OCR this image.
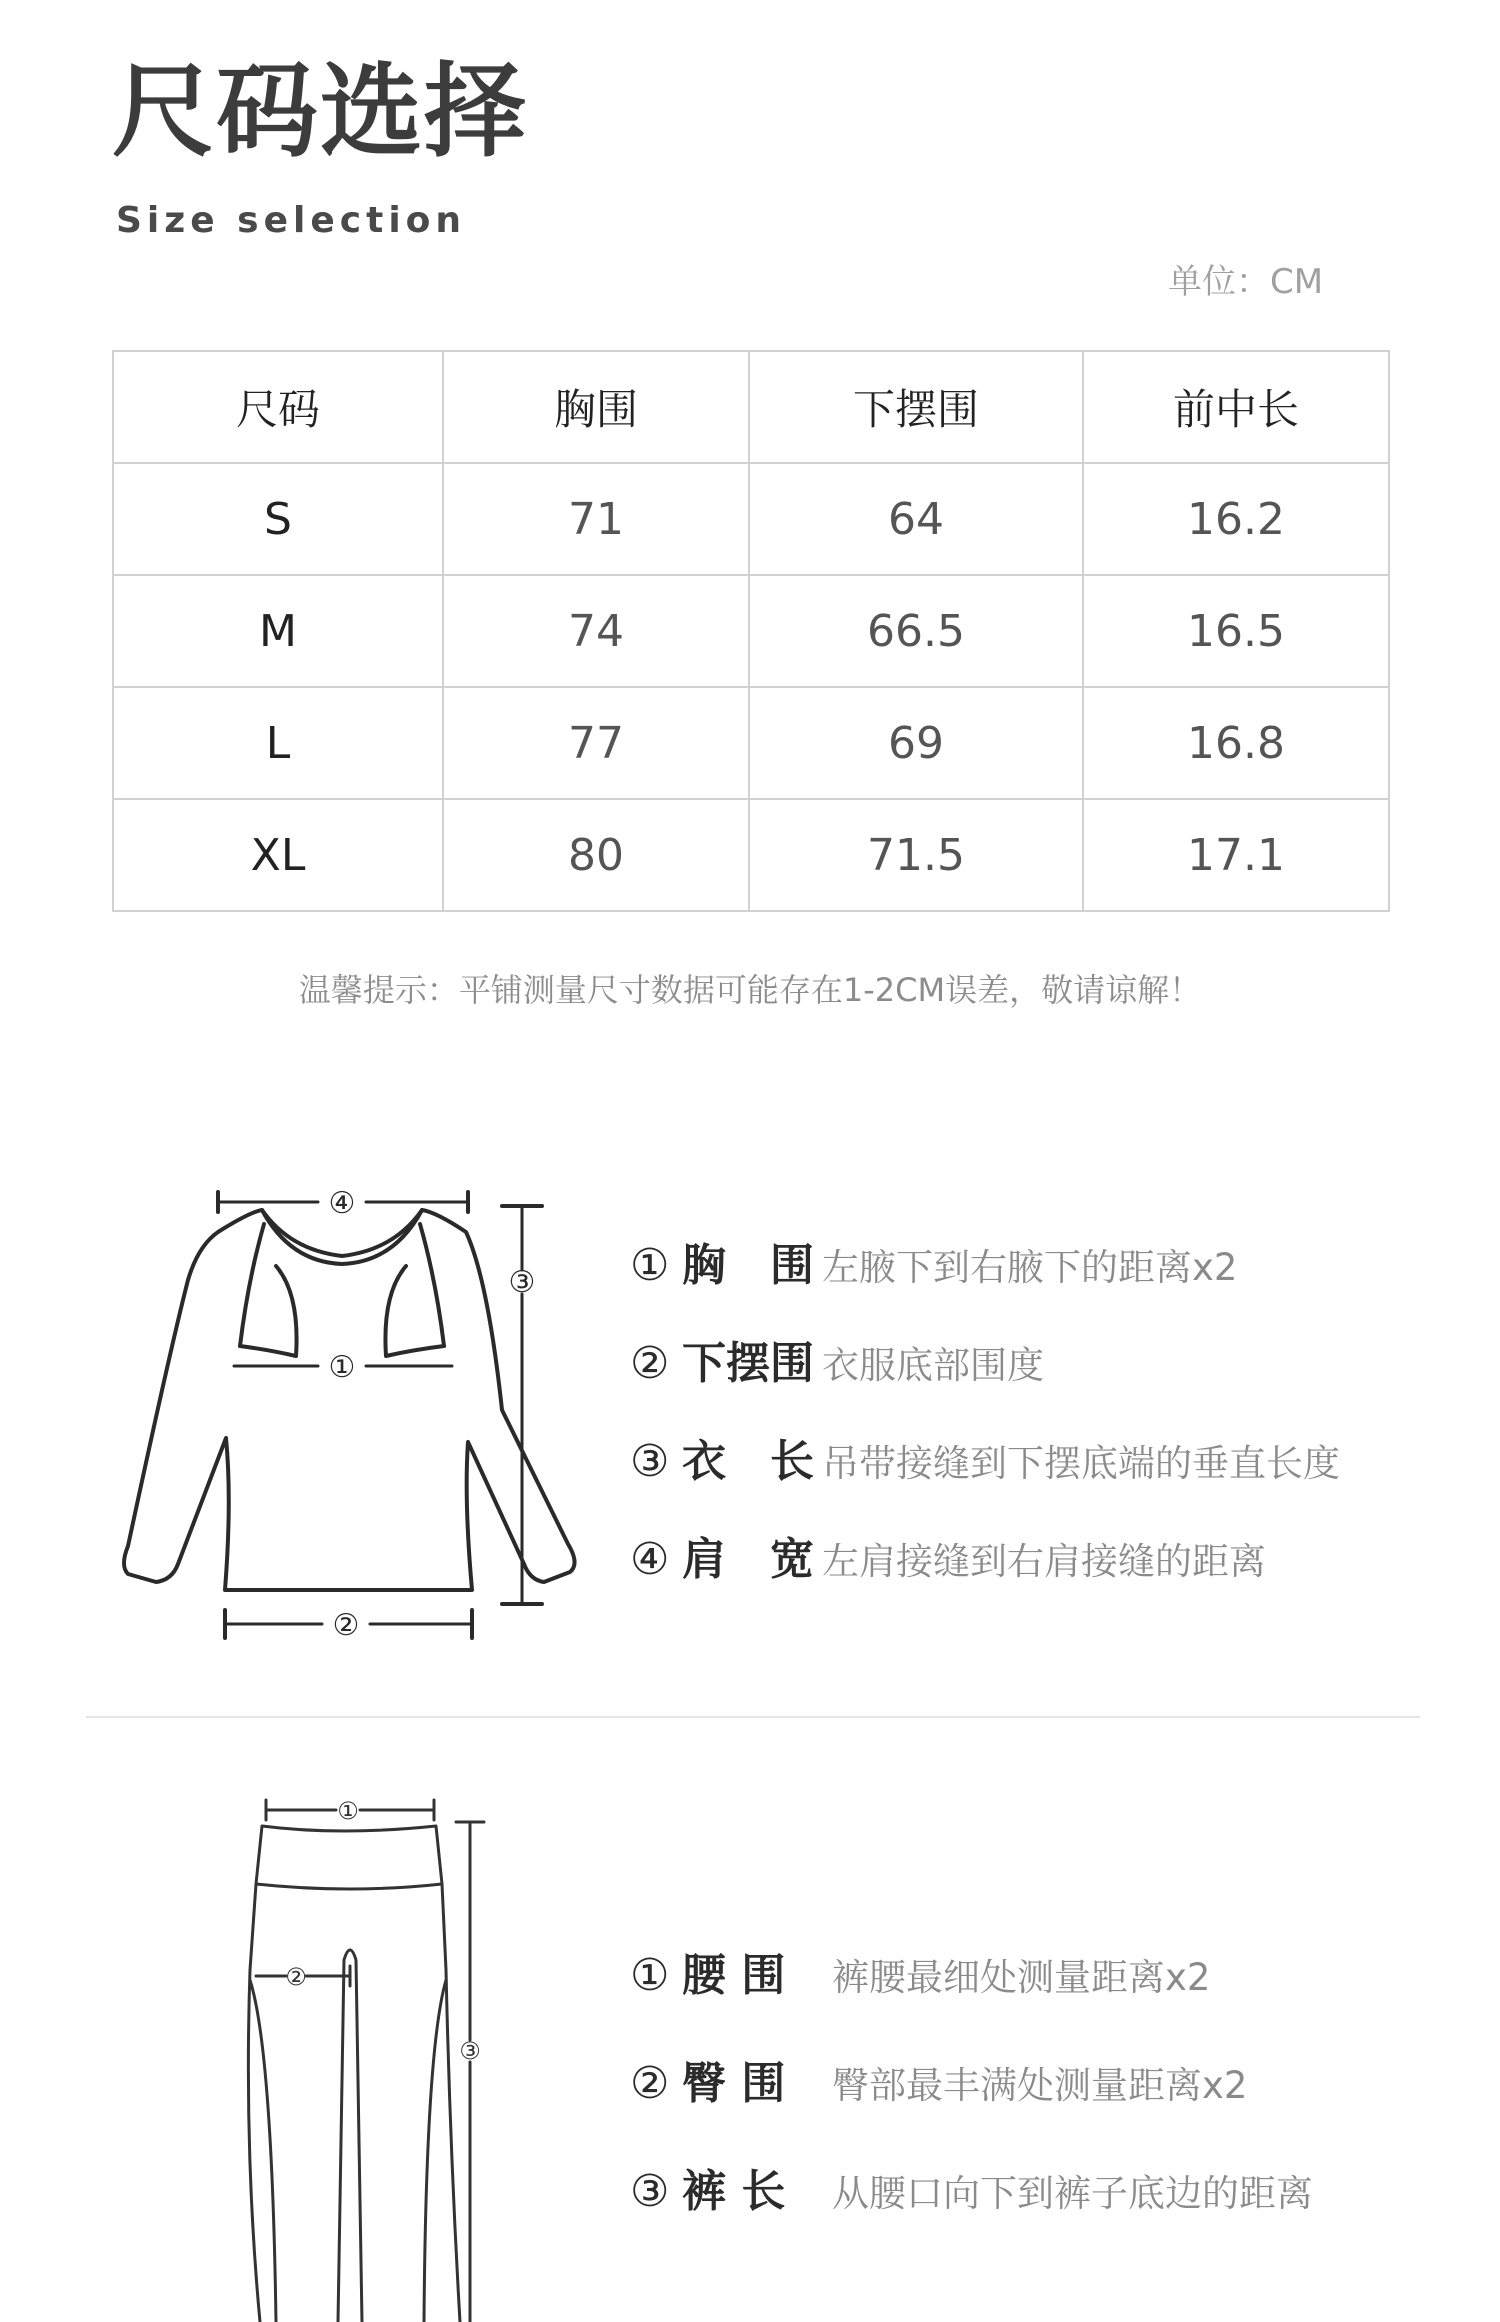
尺码选择
Size selection
单位：CM
尺码	胸围	下摆围	前中长
S	71	64	16.2
M	74	66.5	16.5
L	77	69	16.8
XL	80	71.5	17.1
温馨提示：平铺测量尺寸数据可能存在1-2CM误差，敬请谅解！
④
③
①
②
① 胸　围 左腋下到右腋下的距离x2
② 下摆围 衣服底部围度
③ 衣　长 吊带接缝到下摆底端的垂直长度
④ 肩　宽 左肩接缝到右肩接缝的距离
①
②
③
① 腰 围 裤腰最细处测量距离x2
② 臀 围 臀部最丰满处测量距离x2
③ 裤 长 从腰口向下到裤子底边的距离
